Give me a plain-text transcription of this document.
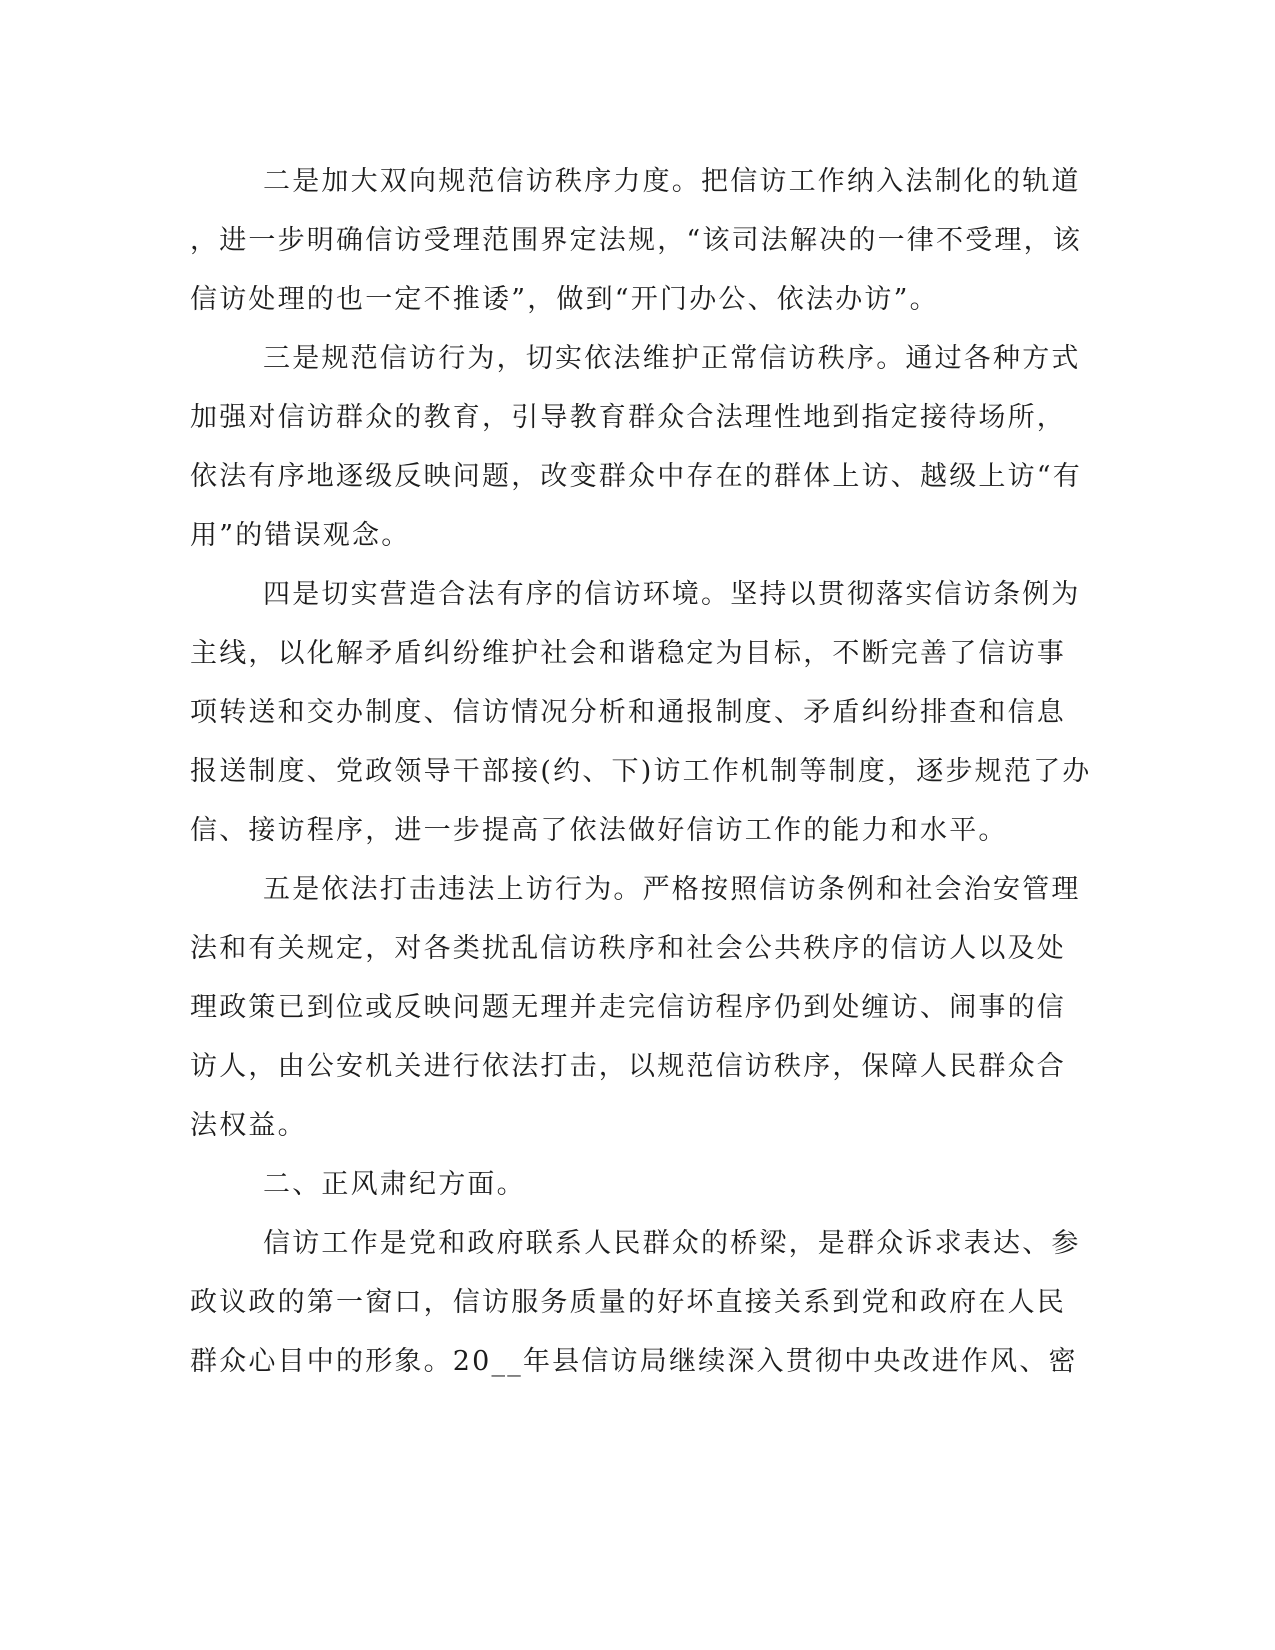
二是加大双向规范信访秩序力度。把信访工作纳入法制化的轨道
，进一步明确信访受理范围界定法规，“该司法解决的一律不受理，该
信访处理的也一定不推诿”，做到“开门办公、依法办访”。
三是规范信访行为，切实依法维护正常信访秩序。通过各种方式
加强对信访群众的教育，引导教育群众合法理性地到指定接待场所，
依法有序地逐级反映问题，改变群众中存在的群体上访、越级上访“有
用”的错误观念。
四是切实营造合法有序的信访环境。坚持以贯彻落实信访条例为
主线，以化解矛盾纠纷维护社会和谐稳定为目标，不断完善了信访事
项转送和交办制度、信访情况分析和通报制度、矛盾纠纷排查和信息
报送制度、党政领导干部接(约、下)访工作机制等制度，逐步规范了办
信、接访程序，进一步提高了依法做好信访工作的能力和水平。
五是依法打击违法上访行为。严格按照信访条例和社会治安管理
法和有关规定，对各类扰乱信访秩序和社会公共秩序的信访人以及处
理政策已到位或反映问题无理并走完信访程序仍到处缠访、闹事的信
访人，由公安机关进行依法打击，以规范信访秩序，保障人民群众合
法权益。
二、正风肃纪方面。
信访工作是党和政府联系人民群众的桥梁，是群众诉求表达、参
政议政的第一窗口，信访服务质量的好坏直接关系到党和政府在人民
群众心目中的形象。20__年县信访局继续深入贯彻中央改进作风、密
